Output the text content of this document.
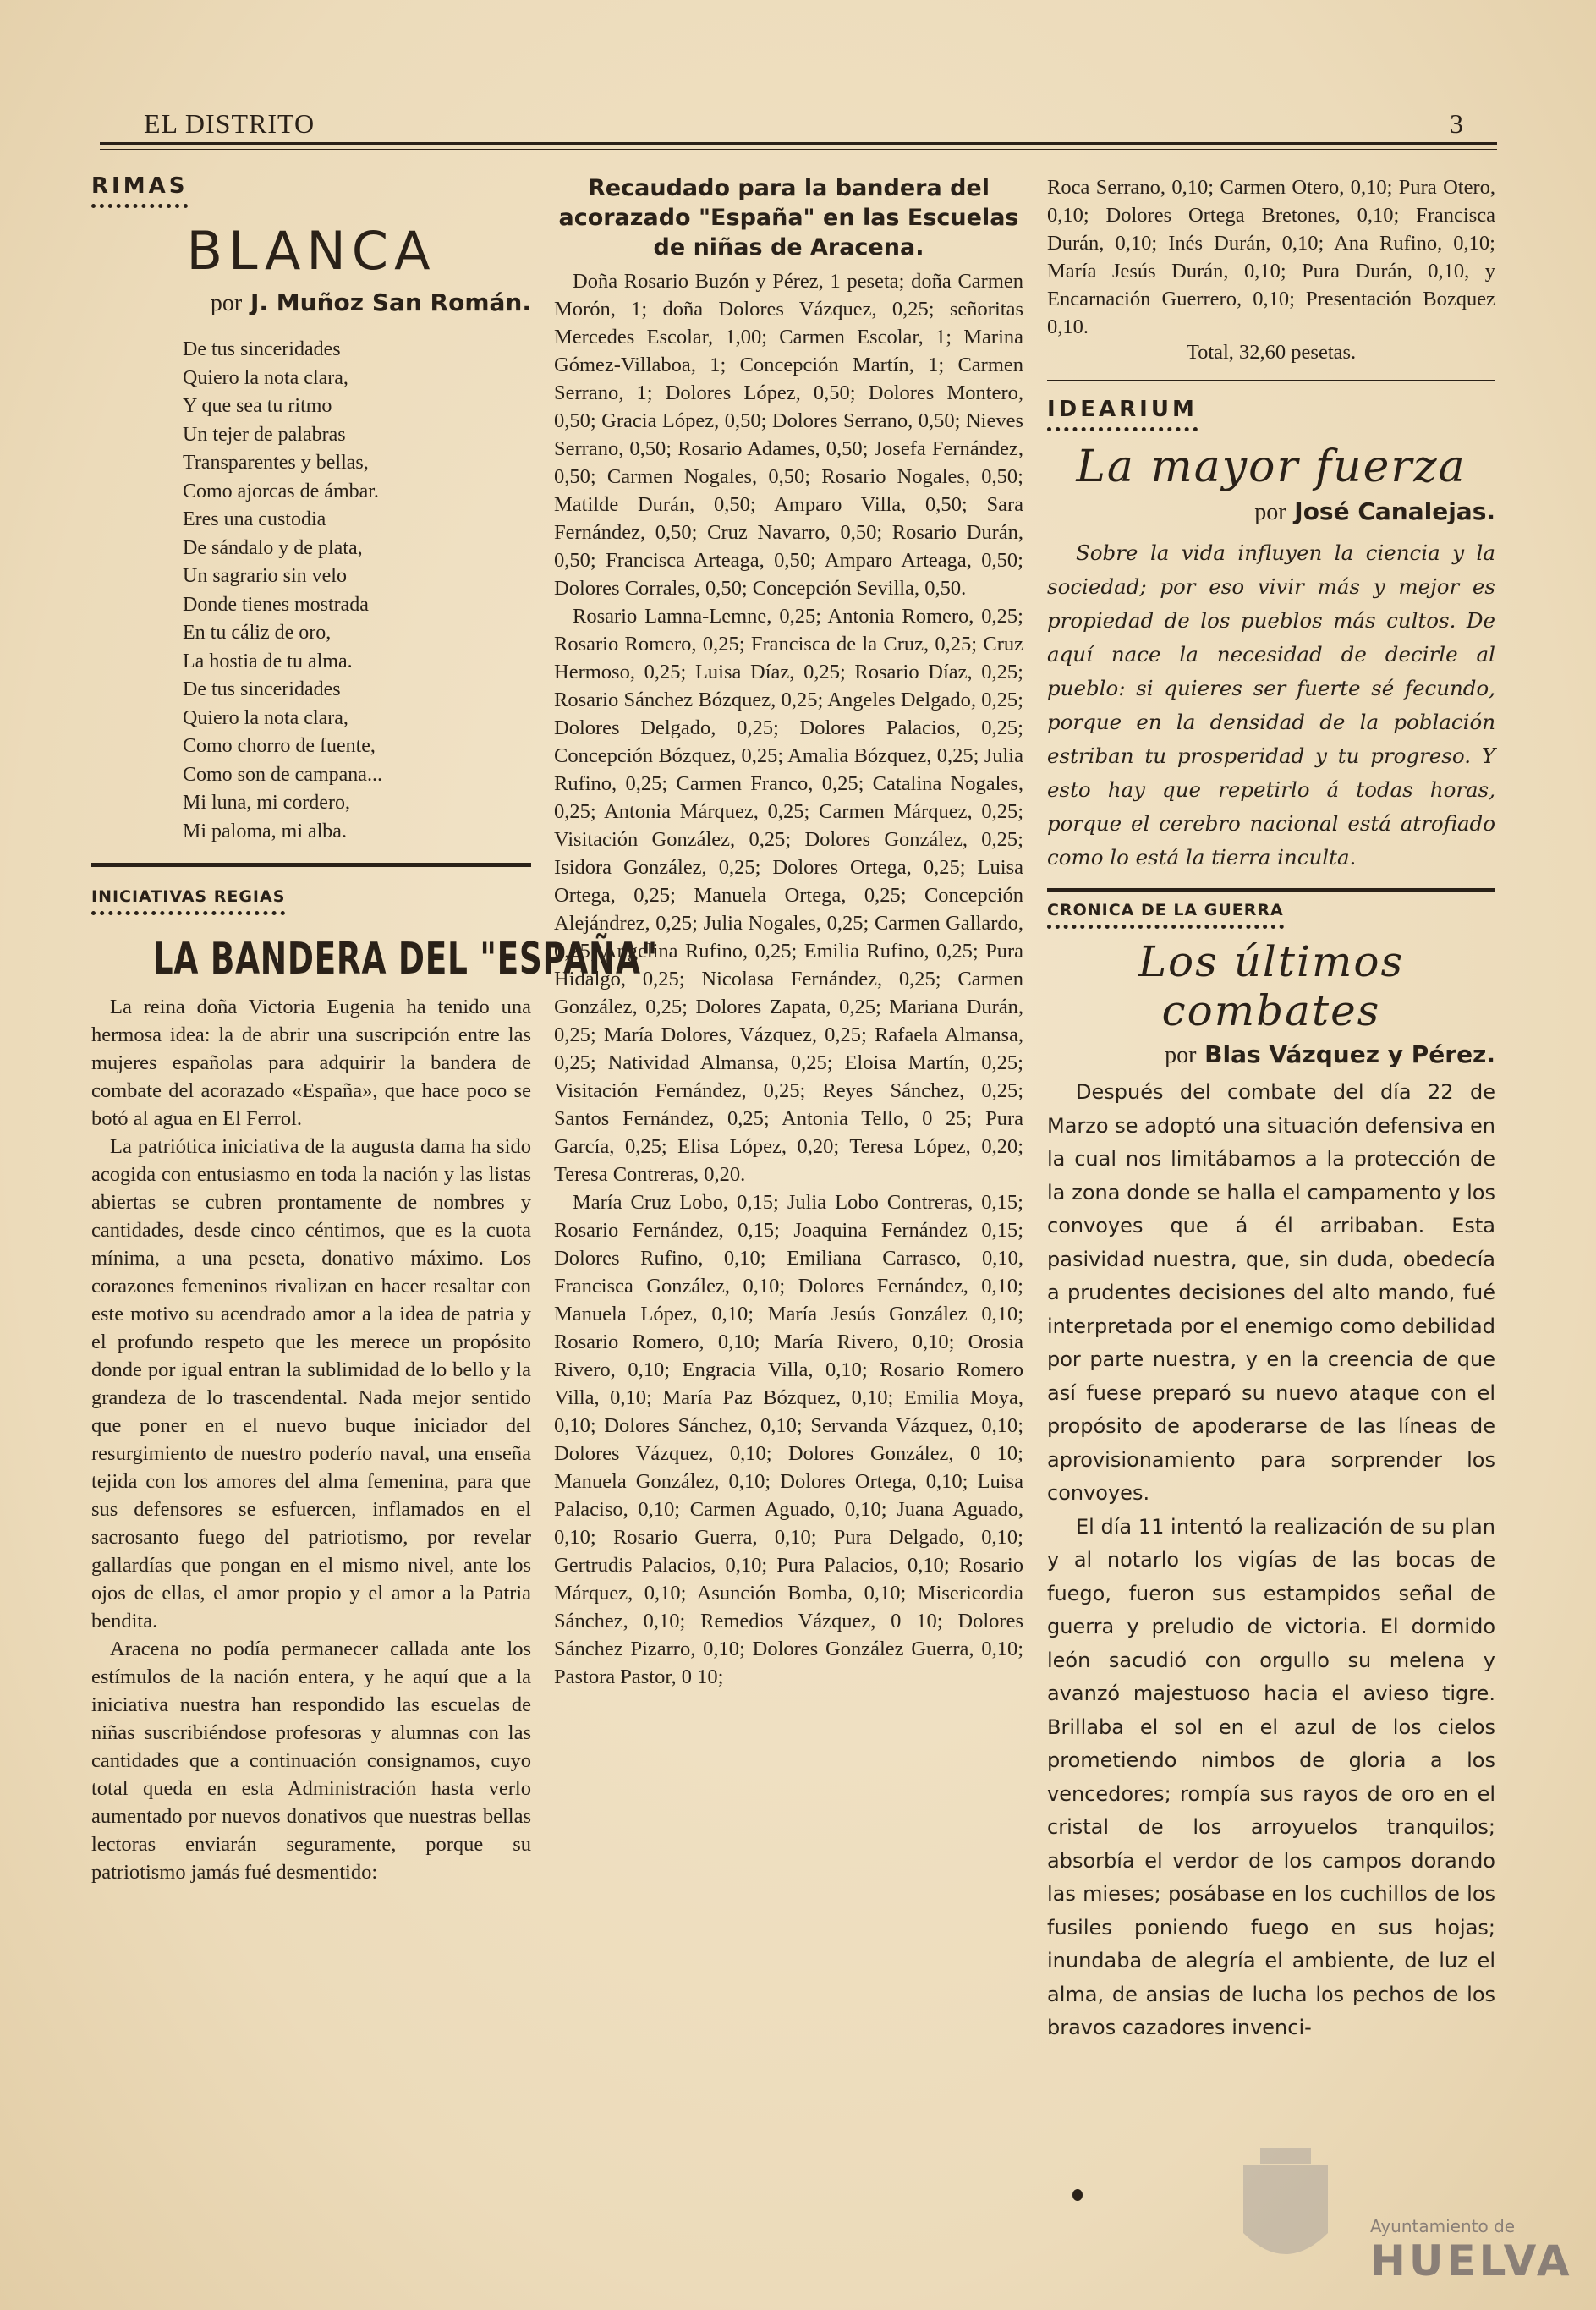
EL DISTRITO	3
RIMAS
BLANCA
por J. Muñoz San Román.
De tus sinceridades
Quiero la nota clara,
Y que sea tu ritmo
Un tejer de palabras
Transparentes y bellas,
Como ajorcas de ámbar.
Eres una custodia
De sándalo y de plata,
Un sagrario sin velo
Donde tienes mostrada
En tu cáliz de oro,
La hostia de tu alma.
De tus sinceridades
Quiero la nota clara,
Como chorro de fuente,
Como son de campana...
Mi luna, mi cordero,
Mi paloma, mi alba.
INICIATIVAS REGIAS
LA BANDERA DEL "ESPAÑA"

La reina doña Victoria Eugenia ha tenido una hermosa idea: la de abrir una suscripción entre las mujeres españolas para adquirir la bandera de combate del acorazado «España», que hace poco se botó al agua en El Ferrol.

La patriótica iniciativa de la augusta dama ha sido acogida con entusiasmo en toda la nación y las listas abiertas se cubren prontamente de nombres y cantidades, desde cinco céntimos, que es la cuota mínima, a una peseta, donativo máximo. Los corazones femeninos rivalizan en hacer resaltar con este motivo su acendrado amor a la idea de patria y el profundo respeto que les merece un propósito donde por igual entran la sublimidad de lo bello y la grandeza de lo trascendental. Nada mejor sentido que poner en el nuevo buque iniciador del resurgimiento de nuestro poderío naval, una enseña tejida con los amores del alma femenina, para que sus defensores se esfuercen, inflamados en el sacrosanto fuego del patriotismo, por revelar gallardías que pongan en el mismo nivel, ante los ojos de ellas, el amor propio y el amor a la Patria bendita.

Aracena no podía permanecer callada ante los estímulos de la nación entera, y he aquí que a la iniciativa nuestra han respondido las escuelas de niñas suscribiéndose profesoras y alumnas con las cantidades que a continuación consignamos, cuyo total queda en esta Administración hasta verlo aumentado por nuevos donativos que nuestras bellas lectoras enviarán seguramente, porque su patriotismo jamás fué desmentido:

Recaudado para la bandera del acorazado "España" en las Escuelas de niñas de Aracena.

Doña Rosario Buzón y Pérez, 1 peseta; doña Carmen Morón, 1; doña Dolores Vázquez, 0,25; señoritas Mercedes Escolar, 1,00; Carmen Escolar, 1; Marina Gómez-Villaboa, 1; Concepción Martín, 1; Carmen Serrano, 1; Dolores López, 0,50; Dolores Montero, 0,50; Gracia López, 0,50; Dolores Serrano, 0,50; Nieves Serrano, 0,50; Rosario Adames, 0,50; Josefa Fernández, 0,50; Carmen Nogales, 0,50; Rosario Nogales, 0,50; Matilde Durán, 0,50; Amparo Villa, 0,50; Sara Fernández, 0,50; Cruz Navarro, 0,50; Rosario Durán, 0,50; Francisca Arteaga, 0,50; Amparo Arteaga, 0,50; Dolores Corrales, 0,50; Concepción Sevilla, 0,50.

Rosario Lamna-Lemne, 0,25; Antonia Romero, 0,25; Rosario Romero, 0,25; Francisca de la Cruz, 0,25; Cruz Hermoso, 0,25; Luisa Díaz, 0,25; Rosario Díaz, 0,25; Rosario Sánchez Bózquez, 0,25; Angeles Delgado, 0,25; Dolores Delgado, 0,25; Dolores Palacios, 0,25; Concepción Bózquez, 0,25; Amalia Bózquez, 0,25; Julia Rufino, 0,25; Carmen Franco, 0,25; Catalina Nogales, 0,25; Antonia Márquez, 0,25; Carmen Márquez, 0,25; Visitación González, 0,25; Dolores González, 0,25; Isidora González, 0,25; Dolores Ortega, 0,25; Luisa Ortega, 0,25; Manuela Ortega, 0,25; Concepción Alejándrez, 0,25; Julia Nogales, 0,25; Carmen Gallardo, 0,25; Angelina Rufino, 0,25; Emilia Rufino, 0,25; Pura Hidalgo, 0,25; Nicolasa Fernández, 0,25; Carmen González, 0,25; Dolores Zapata, 0,25; Mariana Durán, 0,25; María Dolores, Vázquez, 0,25; Rafaela Almansa, 0,25; Natividad Almansa, 0,25; Eloisa Martín, 0,25; Visitación Fernández, 0,25; Reyes Sánchez, 0,25; Santos Fernández, 0,25; Antonia Tello, 0 25; Pura García, 0,25; Elisa López, 0,20; Teresa López, 0,20; Teresa Contreras, 0,20.

María Cruz Lobo, 0,15; Julia Lobo Contreras, 0,15; Rosario Fernández, 0,15; Joaquina Fernández 0,15; Dolores Rufino, 0,10; Emiliana Carrasco, 0,10, Francisca González, 0,10; Dolores Fernández, 0,10; Manuela López, 0,10; María Jesús González 0,10; Rosario Romero, 0,10; María Rivero, 0,10; Orosia Rivero, 0,10; Engracia Villa, 0,10; Rosario Romero Villa, 0,10; María Paz Bózquez, 0,10; Emilia Moya, 0,10; Dolores Sánchez, 0,10; Servanda Vázquez, 0,10; Dolores Vázquez, 0,10; Dolores González, 0 10; Manuela González, 0,10; Dolores Ortega, 0,10; Luisa Palaciso, 0,10; Carmen Aguado, 0,10; Juana Aguado, 0,10; Rosario Guerra, 0,10; Pura Delgado, 0,10; Gertrudis Palacios, 0,10; Pura Palacios, 0,10; Rosario Márquez, 0,10; Asunción Bomba, 0,10; Misericordia Sánchez, 0,10; Remedios Vázquez, 0 10; Dolores Sánchez Pizarro, 0,10; Dolores González Guerra, 0,10; Pastora Pastor, 0 10;

Roca Serrano, 0,10; Carmen Otero, 0,10; Pura Otero, 0,10; Dolores Ortega Bretones, 0,10; Francisca Durán, 0,10; Inés Durán, 0,10; Ana Rufino, 0,10; María Jesús Durán, 0,10; Pura Durán, 0,10, y Encarnación Guerrero, 0,10; Presentación Bozquez 0,10.

Total, 32,60 pesetas.
IDEARIUM
La mayor fuerza
por José Canalejas.

Sobre la vida influyen la ciencia y la sociedad; por eso vivir más y mejor es propiedad de los pueblos más cultos. De aquí nace la necesidad de decirle al pueblo: si quieres ser fuerte sé fecundo, porque en la densidad de la población estriban tu prosperidad y tu progreso. Y esto hay que repetirlo á todas horas, porque el cerebro nacional está atrofiado como lo está la tierra inculta.

CRONICA DE LA GUERRA
Los últimos combates
por Blas Vázquez y Pérez.

Después del combate del día 22 de Marzo se adoptó una situación defensiva en la cual nos limitábamos a la protección de la zona donde se halla el campamento y los convoyes que á él arribaban. Esta pasividad nuestra, que, sin duda, obedecía a prudentes decisiones del alto mando, fué interpretada por el enemigo como debilidad por parte nuestra, y en la creencia de que así fuese preparó su nuevo ataque con el propósito de apoderarse de las líneas de aprovisionamiento para sorprender los convoyes.

El día 11 intentó la realización de su plan y al notarlo los vigías de las bocas de fuego, fueron sus estampidos señal de guerra y preludio de victoria. El dormido león sacudió con orgullo su melena y avanzó majestuoso hacia el avieso tigre. Brillaba el sol en el azul de los cielos prometiendo nimbos de gloria a los vencedores; rompía sus rayos de oro en el cristal de los arroyuelos tranquilos; absorbía el verdor de los campos dorando las mieses; posábase en los cuchillos de los fusiles poniendo fuego en sus hojas; inundaba de alegría el ambiente, de luz el alma, de ansias de lucha los pechos de los bravos cazadores invenci-

Ayuntamiento de
HUELVA
